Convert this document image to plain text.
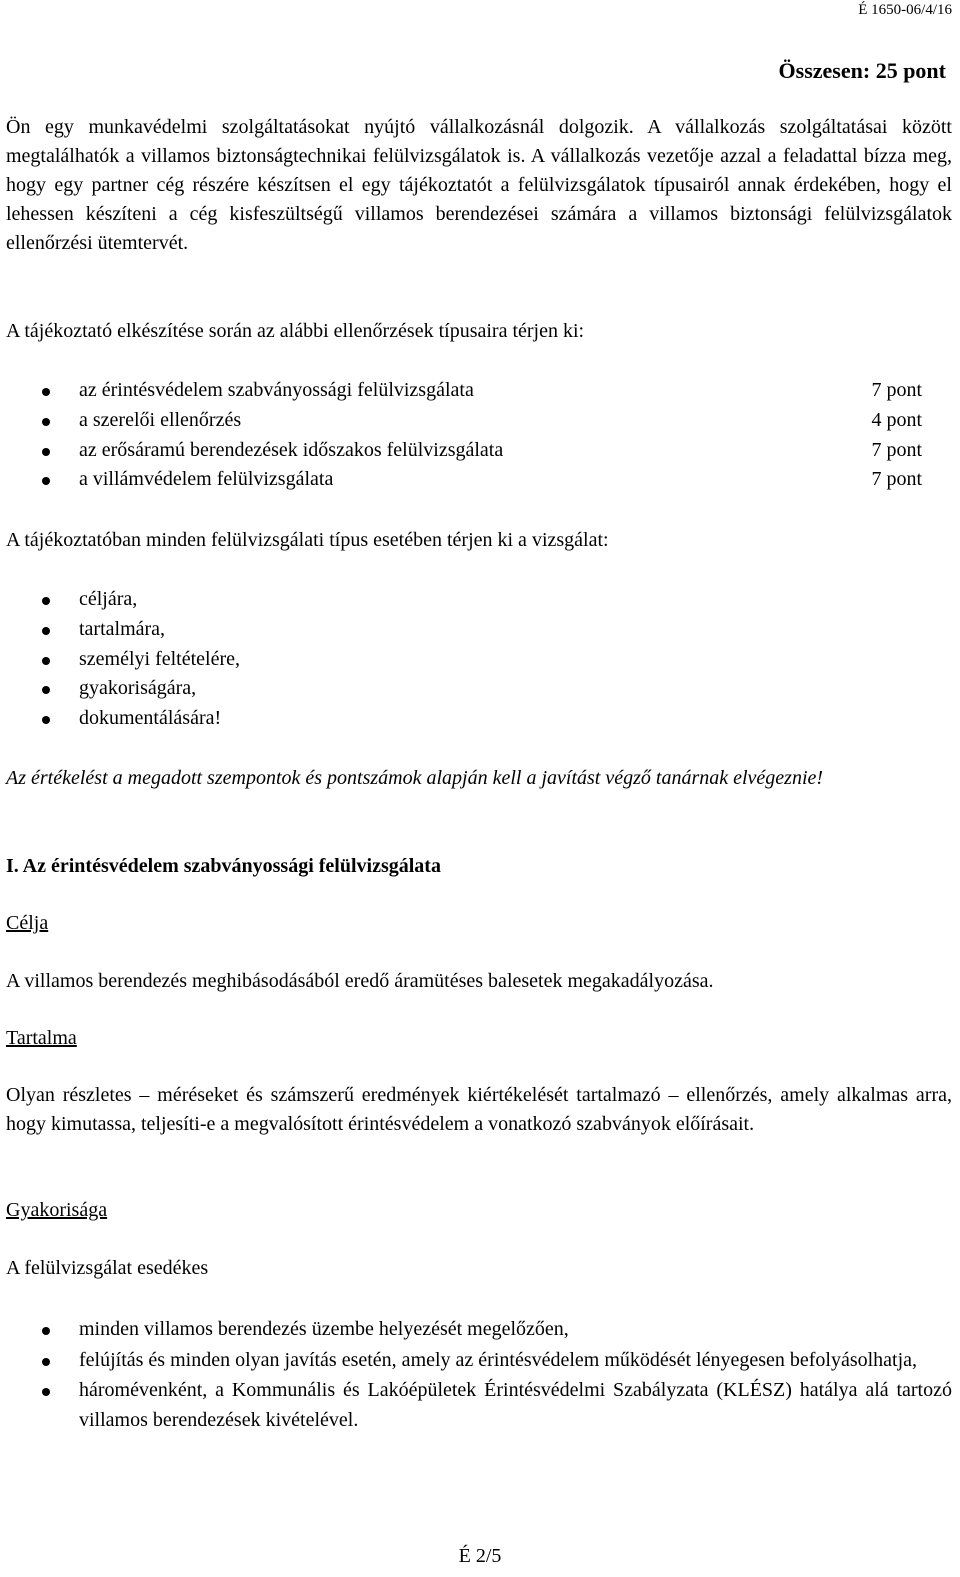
É 1650-06/4/16
Összesen: 25 pont

Ön egy munkavédelmi szolgáltatásokat nyújtó vállalkozásnál dolgozik. A vállalkozás szolgáltatásai között megtalálhatók a villamos biztonságtechnikai felülvizsgálatok is. A vállalkozás vezetője azzal a feladattal bízza meg, hogy egy partner cég részére készítsen el egy tájékoztatót a felülvizsgálatok típusairól annak érdekében, hogy el lehessen készíteni a cég kisfeszültségű villamos berendezései számára a villamos biztonsági felülvizsgálatok ellenőrzési ütemtervét.

A tájékoztató elkészítése során az alábbi ellenőrzések típusaira térjen ki:
az érintésvédelem szabványossági felülvizsgálata	7 pont
a szerelői ellenőrzés	4 pont
az erősáramú berendezések időszakos felülvizsgálata	7 pont
a villámvédelem felülvizsgálata	7 pont
A tájékoztatóban minden felülvizsgálati típus esetében térjen ki a vizsgálat:
céljára,
tartalmára,
személyi feltételére,
gyakoriságára,
dokumentálására!

Az értékelést a megadott szempontok és pontszámok alapján kell a javítást végző tanárnak elvégeznie!

I. Az érintésvédelem szabványossági felülvizsgálata
Célja
A villamos berendezés meghibásodásából eredő áramütéses balesetek megakadályozása.
Tartalma

Olyan részletes – méréseket és számszerű eredmények kiértékelését tartalmazó – ellenőrzés, amely alkalmas arra, hogy kimutassa, teljesíti-e a megvalósított érintésvédelem a vonatkozó szabványok előírásait.

Gyakorisága
A felülvizsgálat esedékes
minden villamos berendezés üzembe helyezését megelőzően,
felújítás és minden olyan javítás esetén, amely az érintésvédelem működését lényegesen befolyásolhatja,
háromévenként, a Kommunális és Lakóépületek Érintésvédelmi Szabályzata (KLÉSZ) hatálya alá tartozó villamos berendezések kivételével.
É 2/5
